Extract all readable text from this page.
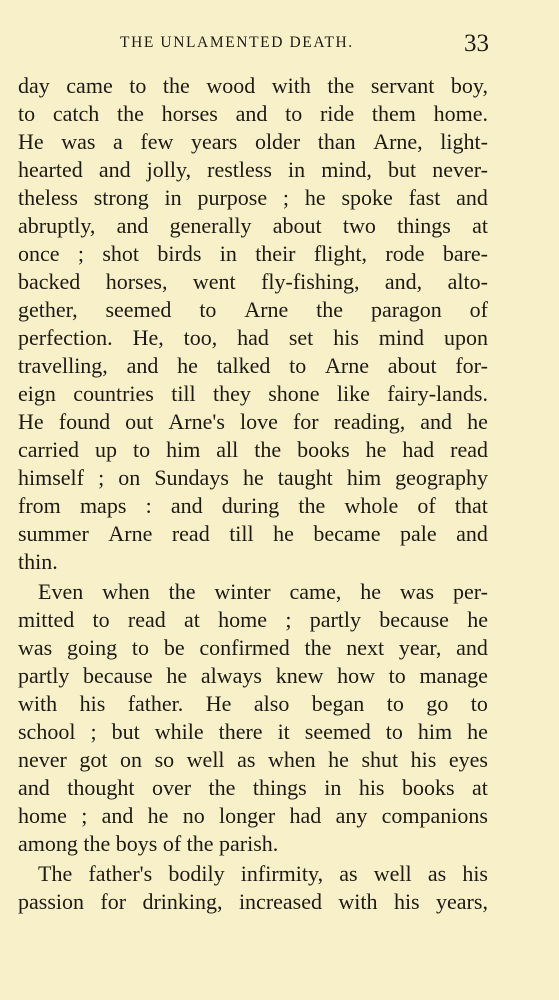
THE UNLAMENTED DEATH.	33
day came to the wood with the servant boy,
to catch the horses and to ride them home.
He was a few years older than Arne, light-
hearted and jolly, restless in mind, but never-
theless strong in purpose ; he spoke fast and
abruptly, and generally about two things at
once ; shot birds in their flight, rode bare-
backed horses, went fly-fishing, and, alto-
gether, seemed to Arne the paragon of
perfection. He, too, had set his mind upon
travelling, and he talked to Arne about for-
eign countries till they shone like fairy-lands.
He found out Arne's love for reading, and he
carried up to him all the books he had read
himself ; on Sundays he taught him geography
from maps : and during the whole of that
summer Arne read till he became pale and
thin.
Even when the winter came, he was per-
mitted to read at home ; partly because he
was going to be confirmed the next year, and
partly because he always knew how to manage
with his father. He also began to go to
school ; but while there it seemed to him he
never got on so well as when he shut his eyes
and thought over the things in his books at
home ; and he no longer had any companions
among the boys of the parish.
The father's bodily infirmity, as well as his
passion for drinking, increased with his years,
